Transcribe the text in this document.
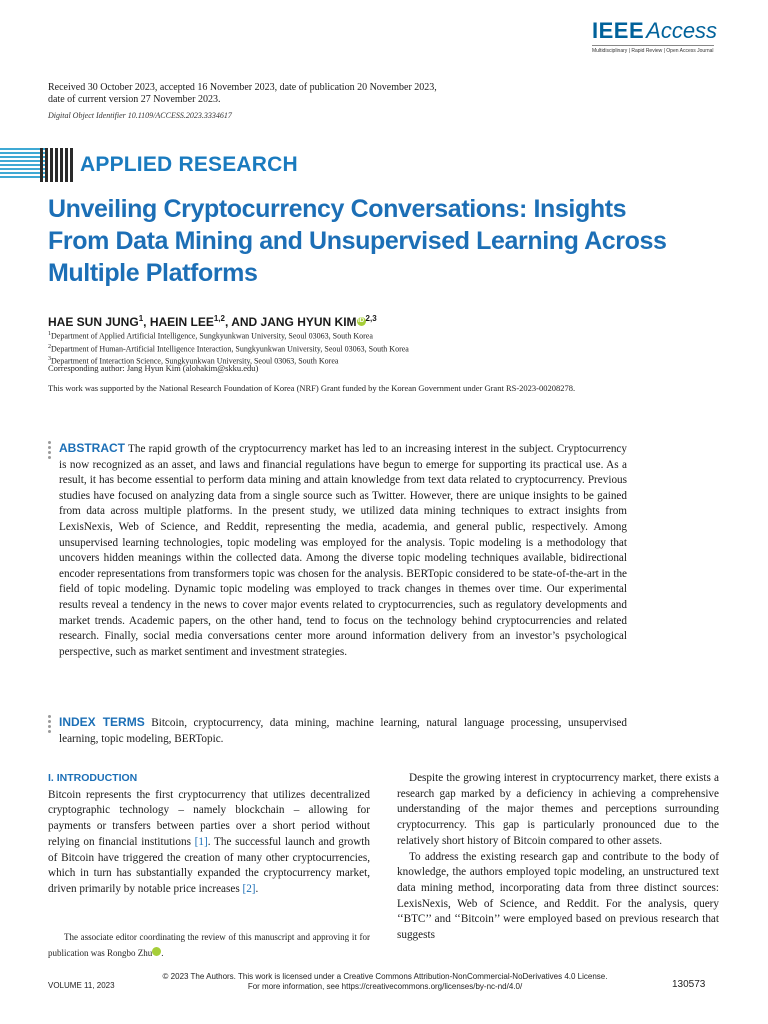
IEEEAccess
Multidisciplinary | Rapid Review | Open Access Journal
Received 30 October 2023, accepted 16 November 2023, date of publication 20 November 2023,
date of current version 27 November 2023.
Digital Object Identifier 10.1109/ACCESS.2023.3334617
APPLIED RESEARCH
Unveiling Cryptocurrency Conversations: Insights From Data Mining and Unsupervised Learning Across Multiple Platforms
HAE SUN JUNG$^1$, HAEIN LEE$^{1,2}$, AND JANG HYUN KIM iD $^{2,3}$
$^1$Department of Applied Artificial Intelligence, Sungkyunkwan University, Seoul 03063, South Korea
$^2$Department of Human-Artificial Intelligence Interaction, Sungkyunkwan University, Seoul 03063, South Korea
$^3$Department of Interaction Science, Sungkyunkwan University, Seoul 03063, South Korea
Corresponding author: Jang Hyun Kim (alohakim@skku.edu)
This work was supported by the National Research Foundation of Korea (NRF) Grant funded by the Korean Government under Grant RS-2023-00208278.
ABSTRACT The rapid growth of the cryptocurrency market has led to an increasing interest in the subject. Cryptocurrency is now recognized as an asset, and laws and financial regulations have begun to emerge for supporting its practical use. As a result, it has become essential to perform data mining and attain knowledge from text data related to cryptocurrency. Previous studies have focused on analyzing data from a single source such as Twitter. However, there are unique insights to be gained from data across multiple platforms. In the present study, we utilized data mining techniques to extract insights from LexisNexis, Web of Science, and Reddit, representing the media, academia, and general public, respectively. Among unsupervised learning technologies, topic modeling was employed for the analysis. Topic modeling is a methodology that uncovers hidden meanings within the collected data. Among the diverse topic modeling techniques available, bidirectional encoder representations from transformers topic was chosen for the analysis. BERTopic considered to be state-of-the-art in the field of topic modeling. Dynamic topic modeling was employed to track changes in themes over time. Our experimental results reveal a tendency in the news to cover major events related to cryptocurrencies, such as regulatory developments and market trends. Academic papers, on the other hand, tend to focus on the technology behind cryptocurrencies and related research. Finally, social media conversations center more around information delivery from an investor’s psychological perspective, such as market sentiment and investment strategies.
INDEX TERMS Bitcoin, cryptocurrency, data mining, machine learning, natural language processing, unsupervised learning, topic modeling, BERTopic.
I. INTRODUCTION
Bitcoin represents the first cryptocurrency that utilizes decentralized cryptographic technology – namely blockchain – allowing for payments or transfers between parties over a short period without relying on financial institutions [1]. The successful launch and growth of Bitcoin have triggered the creation of many other cryptocurrencies, which in turn has substantially expanded the cryptocurrency market, driven primarily by notable price increases [2].
The associate editor coordinating the review of this manuscript and approving it for publication was Rongbo Zhu	iD.

Despite the growing interest in cryptocurrency market, there exists a research gap marked by a deficiency in achieving a comprehensive understanding of the major themes and perceptions surrounding cryptocurrency. This gap is particularly pronounced due to the relatively short history of Bitcoin compared to other assets.

To address the existing research gap and contribute to the body of knowledge, the authors employed topic modeling, an unstructured text data mining method, incorporating data from three distinct sources: LexisNexis, Web of Science, and Reddit. For the analysis, query ‘‘BTC’’ and ‘‘Bitcoin’’ were employed based on previous research that suggests

© 2023 The Authors. This work is licensed under a Creative Commons Attribution-NonCommercial-NoDerivatives 4.0 License.
For more information, see https://creativecommons.org/licenses/by-nc-nd/4.0/
VOLUME 11, 2023	130573
